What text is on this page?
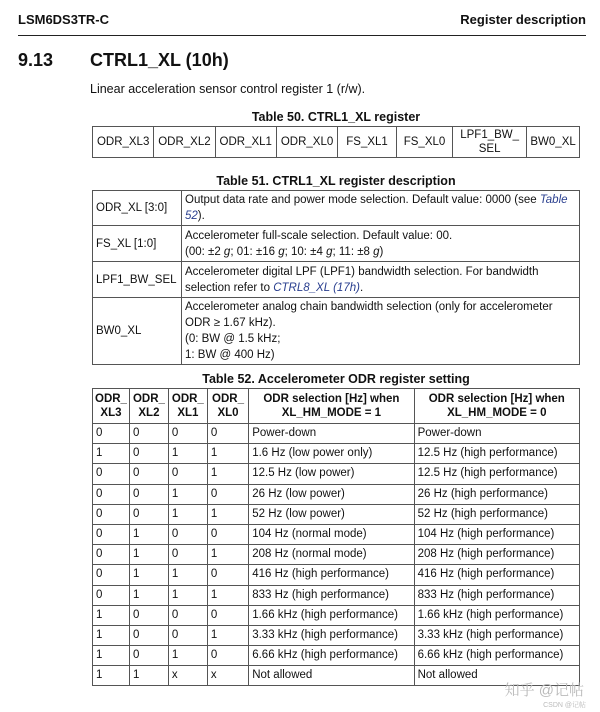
LSM6DS3TR-C	Register description
9.13 CTRL1_XL (10h)
Linear acceleration sensor control register 1 (r/w).
Table 50. CTRL1_XL register
ODR_XL3	ODR_XL2	ODR_XL1	ODR_XL0	FS_XL1	FS_XL0	LPF1_BW_ SEL	BW0_XL
Table 51. CTRL1_XL register description
ODR_XL [3:0]	Output data rate and power mode selection. Default value: 0000 (see Table 52).
FS_XL [1:0]	Accelerometer full-scale selection. Default value: 00.
(00: ±2 g; 01: ±16 g; 10: ±4 g; 11: ±8 g)

LPF1_BW_SEL	Accelerometer digital LPF (LPF1) bandwidth selection. For bandwidth selection refer to CTRL8_XL (17h).
BW0_XL	Accelerometer analog chain bandwidth selection (only for accelerometer ODR ≥ 1.67 kHz).
(0: BW @ 1.5 kHz;
1: BW @ 400 Hz)
Table 52. Accelerometer ODR register setting
ODR_ XL3	ODR_ XL2	ODR_ XL1	ODR_ XL0	ODR selection [Hz] when XL_HM_MODE = 1	ODR selection [Hz] when XL_HM_MODE = 0
0	0	0	0	Power-down	Power-down
1	0	1	1	1.6 Hz (low power only)	12.5 Hz (high performance)
0	0	0	1	12.5 Hz (low power)	12.5 Hz (high performance)
0	0	1	0	26 Hz (low power)	26 Hz (high performance)
0	0	1	1	52 Hz (low power)	52 Hz (high performance)
0	1	0	0	104 Hz (normal mode)	104 Hz (high performance)
0	1	0	1	208 Hz (normal mode)	208 Hz (high performance)
0	1	1	0	416 Hz (high performance)	416 Hz (high performance)
0	1	1	1	833 Hz (high performance)	833 Hz (high performance)
1	0	0	0	1.66 kHz (high performance)	1.66 kHz (high performance)
1	0	0	1	3.33 kHz (high performance)	3.33 kHz (high performance)
1	0	1	0	6.66 kHz (high performance)	6.66 kHz (high performance)
1	1	x	x	Not allowed	Not allowed
知乎 @记帖
CSDN @记帖
